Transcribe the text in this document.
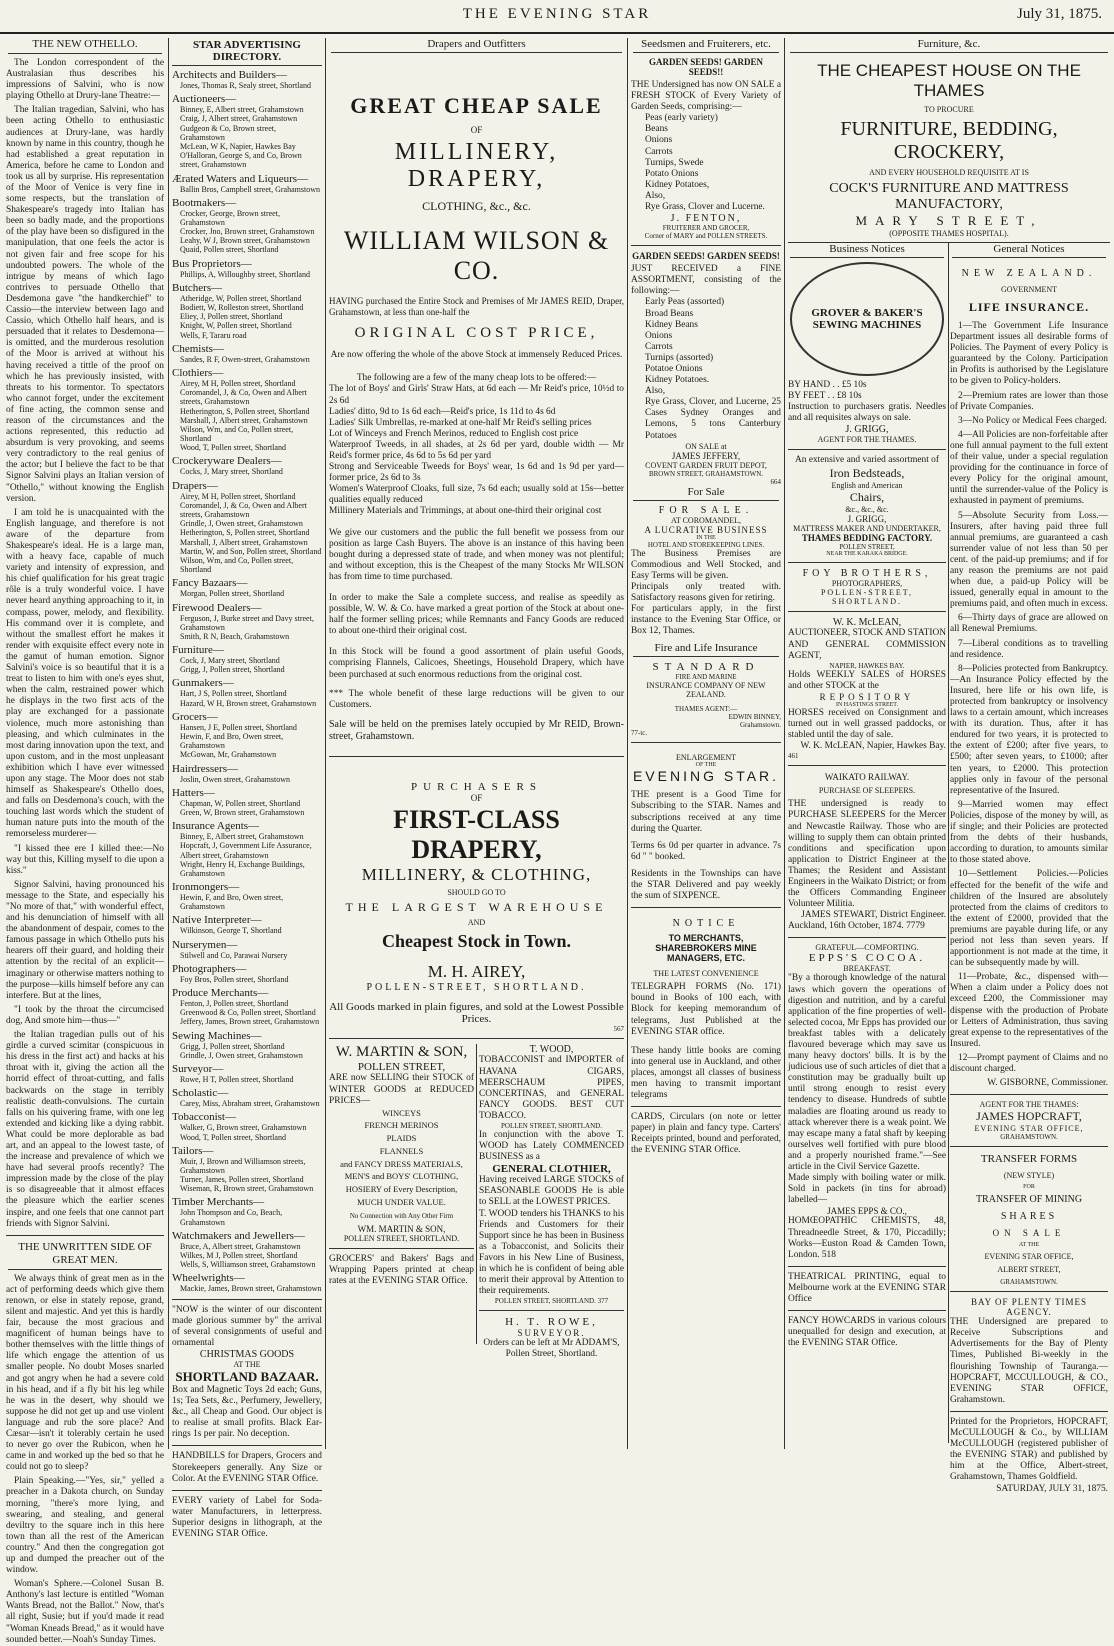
THE EVENING STAR	July 31, 1875.
THE NEW OTHELLO.

The London correspondent of the Australasian thus describes his impressions of Salvini, who is now playing Othello at Drury-lane Theatre:—

The Italian tragedian, Salvini, who has been acting Othello to enthusiastic audiences at Drury-lane, was hardly known by name in this country, though he had established a great reputation in America, before he came to London and took us all by surprise. His representation of the Moor of Venice is very fine in some respects, but the translation of Shakespeare's tragedy into Italian has been so badly made, and the proportions of the play have been so disfigured in the manipulation, that one feels the actor is not given fair and free scope for his undoubted powers. The whole of the intrigue by means of which Iago contrives to persuade Othello that Desdemona gave "the handkerchief" to Cassio—the interview between Iago and Cassio, which Othello half hears, and is persuaded that it relates to Desdemona—is omitted, and the murderous resolution of the Moor is arrived at without his having received a tittle of the proof on which he has previously insisted, with threats to his tormentor. To spectators who cannot forget, under the excitement of fine acting, the common sense and reason of the circumstances and the actions represented, this reductio ad absurdum is very provoking, and seems very contradictory to the real genius of the actor; but I believe the fact to be that Signor Salvini plays an Italian version of "Othello," without knowing the English version.

I am told he is unacquainted with the English language, and therefore is not aware of the departure from Shakespeare's ideal. He is a large man, with a heavy face, capable of much variety and intensity of expression, and his chief qualification for his great tragic rôle is a truly wonderful voice. I have never heard anything approaching to it, in compass, power, melody, and flexibility. His command over it is complete, and without the smallest effort he makes it render with exquisite effect every note in the gamut of human emotion. Signor Salvini's voice is so beautiful that it is a treat to listen to him with one's eyes shut, when the calm, restrained power which he displays in the two first acts of the play are exchanged for a passionate violence, much more astonishing than pleasing, and which culminates in the most daring innovation upon the text, and upon custom, and in the most unpleasant exhibition which I have ever witnessed upon any stage. The Moor does not stab himself as Shakespeare's Othello does, and falls on Desdemona's couch, with the touching last words which the student of human nature puts into the mouth of the remorseless murderer—

"I kissed thee ere I killed thee:—No way but this, Killing myself to die upon a kiss."

Signor Salvini, having pronounced his message to the State, and especially his "No more of that," with wonderful effect, and his denunciation of himself with all the abandonment of despair, comes to the famous passage in which Othello puts his hearers off their guard, and holding their attention by the recital of an explicit—imaginary or otherwise matters nothing to the purpose—kills himself before any can interfere. But at the lines,

"I took by the throat the circumcised dog, And smote him—thus—"

the Italian tragedian pulls out of his girdle a curved scimitar (conspicuous in his dress in the first act) and hacks at his throat with it, giving the action all the horrid effect of throat-cutting, and falls backwards on the stage in terribly realistic death-convulsions. The curtain falls on his quivering frame, with one leg extended and kicking like a dying rabbit. What could be more deplorable as bad art, and an appeal to the lowest taste, of the increase and prevalence of which we have had several proofs recently? The impression made by the close of the play is so disagreeable that it almost effaces the pleasure which the earlier scenes inspire, and one feels that one cannot part friends with Signor Salvini.

THE UNWRITTEN SIDE OF GREAT MEN.

We always think of great men as in the act of performing deeds which give them renown, or else in stately repose, grand, silent and majestic. And yet this is hardly fair, because the most gracious and magnificent of human beings have to bother themselves with the little things of life which engage the attention of us smaller people. No doubt Moses snarled and got angry when he had a severe cold in his head, and if a fly bit his leg while he was in the desert, why should we suppose he did not get up and use violent language and rub the sore place? And Cæsar—isn't it tolerably certain he used to never go over the Rubicon, when he came in and worked up the bed so that he could not go to sleep?

Plain Speaking.—"Yes, sir," yelled a preacher in a Dakota church, on Sunday morning, "there's more lying, and swearing, and stealing, and general deviltry to the square inch in this here town than all the rest of the American country." And then the congregation got up and dumped the preacher out of the window.

Woman's Sphere.—Colonel Susan B. Anthony's last lecture is entitled "Woman Wants Bread, not the Ballot." Now, that's all right, Susie; but if you'd made it read "Woman Kneads Bread," as it would have sounded better.—Noah's Sunday Times.

STAR ADVERTISING DIRECTORY.
Architects and Builders—
Jones, Thomas R, Sealy street, Shortland
Auctioneers—
Binney, E, Albert street, Grahamstown
Craig, J, Albert street, Grahamstown
Gudgeon & Co, Brown street, Grahamstown
McLean, W K, Napier, Hawkes Bay
O'Halloran, George S, and Co, Brown street, Grahamstown
Ærated Waters and Liqueurs—
Ballin Bros, Campbell street, Grahamstown
Bootmakers—
Crocker, George, Brown street, Grahamstown
Crocker, Jno, Brown street, Grahamstown
Leahy, W J, Brown street, Grahamstown
Quaid, Pollen street, Shortland
Bus Proprietors—
Phillips, A, Willoughby street, Shortland
Butchers—
Atheridge, W, Pollen street, Shortland
Bodiett, W, Rolleston street, Shortland
Eliey, J, Pollen street, Shortland
Knight, W, Pollen street, Shortland
Wells, F, Tararu road
Chemists—
Sandes, R F, Owen-street, Grahamstown
Clothiers—
Airey, M H, Pollen street, Shortland
Coromandel, J, & Co, Owen and Albert streets, Grahamstown
Hetherington, S, Pollen street, Shortland
Marshall, J, Albert street, Grahamstown
Wilson, Wm, and Co, Pollen street, Shortland
Wood, T, Pollen street, Shortland
Crockeryware Dealers—
Cocks, J, Mary street, Shortland
Drapers—
Airey, M H, Pollen street, Shortland
Coromandel, J, & Co, Owen and Albert streets, Grahamstown
Grindle, J, Owen street, Grahamstown
Hetherington, S, Pollen street, Shortland
Marshall, J, Albert street, Grahamstown
Martin, W, and Son, Pollen street, Shortland
Wilson, Wm, and Co, Pollen street, Shortland
Fancy Bazaars—
Morgan, Pollen street, Shortland
Firewood Dealers—
Ferguson, J, Burke street and Davy street, Grahamstown
Smith, R N, Beach, Grahamstown
Furniture—
Cock, J, Mary street, Shortland
Grigg, J, Pollen street, Shortland
Gunmakers—
Hart, J S, Pollen street, Shortland
Hazard, W H, Brown street, Grahamstown
Grocers—
Hansen, J E, Pollen street, Shortland
Hewin, F, and Bro, Owen street, Grahamstown
McGowan, Mr, Grahamstown
Hairdressers—
Joslin, Owen street, Grahamstown
Hatters—
Chapman, W, Pollen street, Shortland
Green, W, Brown street, Grahamstown
Insurance Agents—
Binney, E, Albert street, Grahamstown
Hopcraft, J, Government Life Assurance, Albert street, Grahamstown
Wright, Henry H, Exchange Buildings, Grahamstown
Ironmongers—
Hewin, F, and Bro, Owen street, Grahamstown
Native Interpreter—
Wilkinson, George T, Shortland
Nurserymen—
Stilwell and Co, Parawai Nursery
Photographers—
Foy Bros, Pollen street, Shortland
Produce Merchants—
Fenton, J, Pollen street, Shortland
Greenwood & Co, Pollen street, Shortland
Jeffery, James, Brown street, Grahamstown
Sewing Machines—
Grigg, J, Pollen street, Shortland
Grindle, J, Owen street, Grahamstown
Surveyor—
Rowe, H T, Pollen street, Shortland
Scholastic—
Carey, Miss, Abraham street, Grahamstown
Tobacconist—
Walker, G, Brown street, Grahamstown
Wood, T, Pollen street, Shortland
Tailors—
Muir, J, Brown and Williamson streets, Grahamstown
Turner, James, Pollen street, Shortland
Wiseman, R, Brown street, Grahamstown
Timber Merchants—
John Thompson and Co, Beach, Grahamstown
Watchmakers and Jewellers—
Bruce, A, Albert street, Grahamstown
Wilkes, M J, Pollen street, Shortland
Wells, S, Williamson street, Grahamstown
Wheelwrights—
Mackie, James, Brown street, Grahamstown
"NOW is the winter of our discontent made glorious summer by" the arrival of several consignments of useful and ornamental
CHRISTMAS GOODS
AT THE
SHORTLAND BAZAAR.
Box and Magnetic Toys 2d each; Guns, 1s; Tea Sets, &c., Perfumery, Jewellery, &c., all Cheap and Good. Our object is to realise at small profits. Black Ear-rings 1s per pair. No deception.
HANDBILLS for Drapers, Grocers and Storekeepers generally. Any Size or Color. At the EVENING STAR Office.
EVERY variety of Label for Soda-water Manufacturers, in letterpress. Superior designs in lithograph, at the EVENING STAR Office.
Drapers and Outfitters
GREAT CHEAP SALE
OF
MILLINERY, DRAPERY,
CLOTHING, &c., &c.
WILLIAM WILSON & CO.
HAVING purchased the Entire Stock and Premises of Mr JAMES REID, Draper, Grahamstown, at less than one-half the
ORIGINAL COST PRICE,
Are now offering the whole of the above Stock at immensely Reduced Prices.
The following are a few of the many cheap lots to be offered:—
The lot of Boys' and Girls' Straw Hats, at 6d each — Mr Reid's price, 10½d to 2s 6d
Ladies' ditto, 9d to 1s 6d each—Reid's price, 1s 11d to 4s 6d
Ladies' Silk Umbrellas, re-marked at one-half Mr Reid's selling prices
Lot of Winceys and French Merinos, reduced to English cost price
Waterproof Tweeds, in all shades, at 2s 6d per yard, double width — Mr Reid's former price, 4s 6d to 5s 6d per yard
Strong and Serviceable Tweeds for Boys' wear, 1s 6d and 1s 9d per yard—former price, 2s 6d to 3s
Women's Waterproof Cloaks, full size, 7s 6d each; usually sold at 15s—better qualities equally reduced
Millinery Materials and Trimmings, at about one-third their original cost
We give our customers and the public the full benefit we possess from our position as large Cash Buyers. The above is an instance of this having been bought during a depressed state of trade, and when money was not plentiful; and without exception, this is the Cheapest of the many Stocks Mr WILSON has from time to time purchased.
In order to make the Sale a complete success, and realise as speedily as possible, W. W. & Co. have marked a great portion of the Stock at about one-half the former selling prices; while Remnants and Fancy Goods are reduced to about one-third their original cost.
In this Stock will be found a good assortment of plain useful Goods, comprising Flannels, Calicoes, Sheetings, Household Drapery, which have been purchased at such enormous reductions from the original cost.
*** The whole benefit of these large reductions will be given to our Customers.
Sale will be held on the premises lately occupied by Mr REID, Brown-street, Grahamstown.
PURCHASERS
OF
FIRST-CLASS DRAPERY,
MILLINERY, & CLOTHING,
SHOULD GO TO
THE LARGEST WAREHOUSE
AND
Cheapest Stock in Town.
M. H. AIREY,
POLLEN-STREET, SHORTLAND.
All Goods marked in plain figures, and sold at the Lowest Possible Prices.
567
W. MARTIN & SON,
POLLEN STREET,
ARE now SELLING their STOCK of WINTER GOODS at REDUCED PRICES—
WINCEYS
FRENCH MERINOS
PLAIDS
FLANNELS
and FANCY DRESS MATERIALS,
MEN'S and BOYS' CLOTHING,
HOSIERY of Every Description,
MUCH UNDER VALUE.
No Connection with Any Other Firm
WM. MARTIN & SON,
POLLEN STREET, SHORTLAND.
GROCERS' and Bakers' Bags and Wrapping Papers printed at cheap rates at the EVENING STAR Office.
T. WOOD,
TOBACCONIST and IMPORTER of HAVANA CIGARS, MEERSCHAUM PIPES, CONCERTINAS, and GENERAL FANCY GOODS. BEST CUT TOBACCO.
POLLEN STREET, SHORTLAND.
In conjunction with the above T. WOOD has Lately COMMENCED BUSINESS as a
GENERAL CLOTHIER,
Having received LARGE STOCKS of SEASONABLE GOODS He is able to SELL at the LOWEST PRICES.
T. WOOD tenders his THANKS to his Friends and Customers for their Support since he has been in Business as a Tobacconist, and Solicits their Favors in his New Line of Business, in which he is confident of being able to merit their approval by Attention to their requirements.
POLLEN STREET, SHORTLAND. 377
H. T. ROWE,
SURVEYOR.
Orders can be left at Mr ADDAM'S, Pollen Street, Shortland.
Seedsmen and Fruiterers, etc.
GARDEN SEEDS! GARDEN SEEDS!!
THE Undersigned has now ON SALE a FRESH STOCK of Every Variety of Garden Seeds, comprising:—
Peas (early variety)
Beans
Onions
Carrots
Turnips, Swede
Potato Onions
Kidney Potatoes,
Also,
Rye Grass, Clover and Lucerne.
J. FENTON,
FRUITERER AND GROCER,
Corner of MARY and POLLEN STREETS.
GARDEN SEEDS! GARDEN SEEDS!
JUST RECEIVED a FINE ASSORTMENT, consisting of the following:—
Early Peas (assorted)
Broad Beans
Kidney Beans
Onions
Carrots
Turnips (assorted)
Potatoe Onions
Kidney Potatoes.
Also,
Rye Grass, Clover, and Lucerne, 25 Cases Sydney Oranges and Lemons, 5 tons Canterbury Potatoes
ON SALE at
JAMES JEFFERY,
COVENT GARDEN FRUIT DEPOT,
BROWN STREET, GRAHAMSTOWN.
664
For Sale
FOR SALE.
AT COROMANDEL,
A LUCRATIVE BUSINESS
IN THE
HOTEL AND STOREKEEPING LINES.
The Business Premises are Commodious and Well Stocked, and Easy Terms will be given.
Principals only treated with. Satisfactory reasons given for retiring.
For particulars apply, in the first instance to the Evening Star Office, or Box 12, Thames.
Fire and Life Insurance
STANDARD
FIRE AND MARINE
INSURANCE COMPANY OF NEW ZEALAND.
THAMES AGENT:—
EDWIN BINNEY,
Grahamstown.
77-tc.
ENLARGEMENT
OF THE
EVENING STAR.
THE present is a Good Time for Subscribing to the STAR. Names and subscriptions received at any time during the Quarter.
Terms 6s 0d per quarter in advance. 7s 6d " " booked.
Residents in the Townships can have the STAR Delivered and pay weekly the sum of SIXPENCE.
NOTICE
TO MERCHANTS, SHAREBROKERS MINE MANAGERS, ETC.
THE LATEST CONVENIENCE
TELEGRAPH FORMS (No. 171) bound in Books of 100 each, with Block for keeping memorandum of telegrams, Just Published at the EVENING STAR office.
These handy little books are coming into general use in Auckland, and other places, amongst all classes of business men having to transmit important telegrams
CARDS, Circulars (on note or letter paper) in plain and fancy type. Carters' Receipts printed, bound and perforated, the EVENING STAR Office.
Furniture, &c.
THE CHEAPEST HOUSE ON THE THAMES
TO PROCURE
FURNITURE, BEDDING, CROCKERY,
AND EVERY HOUSEHOLD REQUISITE AT IS
COCK'S FURNITURE AND MATTRESS MANUFACTORY,
MARY STREET,
(OPPOSITE THAMES HOSPITAL).
Business Notices
GROVER & BAKER'S SEWING MACHINES
BY HAND . . £5 10s
BY FEET . . £8 10s
Instruction to purchasers gratis. Needles and all requisites always on sale.
J. GRIGG,
AGENT FOR THE THAMES.
An extensive and varied assortment of
Iron Bedsteads,
English and American
Chairs,
&c., &c., &c.
J. GRIGG,
MATTRESS MAKER AND UNDERTAKER,
THAMES BEDDING FACTORY.
POLLEN STREET,
NEAR THE KARAKA BRIDGE.
FOY BROTHERS,
PHOTOGRAPHERS,
POLLEN-STREET, SHORTLAND.
W. K. McLEAN,
AUCTIONEER, STOCK AND STATION AND GENERAL COMMISSION AGENT,
NAPIER, HAWKES BAY.
Holds WEEKLY SALES of HORSES and other STOCK at the
REPOSITORY
IN HASTINGS STREET.
HORSES received on Consignment and turned out in well grassed paddocks, or stabled until the day of sale.
W. K. McLEAN, Napier, Hawkes Bay.
461
WAIKATO RAILWAY.
PURCHASE OF SLEEPERS.
THE undersigned is ready to PURCHASE SLEEPERS for the Mercer and Newcastle Railway. Those who are willing to supply them can obtain printed conditions and specification upon application to District Engineer at the Thames; the Resident and Assistant Engineers in the Waikato District; or from the Officers Commanding Engineer Volunteer Militia.
JAMES STEWART, District Engineer.
Auckland, 16th October, 1874. 7779
GRATEFUL—COMFORTING.
EPPS'S COCOA.
BREAKFAST.
"By a thorough knowledge of the natural laws which govern the operations of digestion and nutrition, and by a careful application of the fine properties of well-selected cocoa, Mr Epps has provided our breakfast tables with a delicately flavoured beverage which may save us many heavy doctors' bills. It is by the judicious use of such articles of diet that a constitution may be gradually built up until strong enough to resist every tendency to disease. Hundreds of subtle maladies are floating around us ready to attack wherever there is a weak point. We may escape many a fatal shaft by keeping ourselves well fortified with pure blood and a properly nourished frame."—See article in the Civil Service Gazette.
Made simply with boiling water or milk. Sold in packets (in tins for abroad) labelled—
JAMES EPPS & CO.,
HOMŒOPATHIC CHEMISTS, 48, Threadneedle Street, & 170, Piccadilly; Works—Euston Road & Camden Town, London. 518
THEATRICAL PRINTING, equal to Melbourne work at the EVENING STAR Office
FANCY HOWCARDS in various colours unequalled for design and execution, at the EVENING STAR Office.
General Notices
NEW ZEALAND.
GOVERNMENT
LIFE INSURANCE.

1—The Government Life Insurance Department issues all desirable forms of Policies. The Payment of every Policy is guaranteed by the Colony. Participation in Profits is authorised by the Legislature to be given to Policy-holders.

2—Premium rates are lower than those of Private Companies.

3—No Policy or Medical Fees charged.

4—All Policies are non-forfeitable after one full annual payment to the full extent of their value, under a special regulation providing for the continuance in force of every Policy for the original amount, until the surrender-value of the Policy is exhausted in payment of premiums.

5—Absolute Security from Loss.—Insurers, after having paid three full annual premiums, are guaranteed a cash surrender value of not less than 50 per cent. of the paid-up premiums; and if for any reason the premiums are not paid when due, a paid-up Policy will be issued, generally equal in amount to the premiums paid, and often much in excess.

6—Thirty days of grace are allowed on all Renewal Premiums.

7—Liberal conditions as to travelling and residence.

8—Policies protected from Bankruptcy.—An Insurance Policy effected by the Insured, here life or his own life, is protected from bankruptcy or insolvency laws to a certain amount, which increases with its duration. Thus, after it has endured for two years, it is protected to the extent of £200; after five years, to £500; after seven years, to £1000; after ten years, to £2000. This protection applies only in favour of the personal representative of the Insured.

9—Married women may effect Policies, dispose of the money by will, as if single; and their Policies are protected from the debts of their husbands, according to duration, to amounts similar to those stated above.

10—Settlement Policies.—Policies effected for the benefit of the wife and children of the Insured are absolutely protected from the claims of creditors to the extent of £2000, provided that the premiums are payable during life, or any period not less than seven years. If apportionment is not made at the time, it can be subsequently made by will.

11—Probate, &c., dispensed with—When a claim under a Policy does not exceed £200, the Commissioner may dispense with the production of Probate or Letters of Administration, thus saving great expense to the representatives of the Insured.

12—Prompt payment of Claims and no discount charged.

W. GISBORNE, Commissioner.
AGENT FOR THE THAMES:
JAMES HOPCRAFT,
EVENING STAR OFFICE,
GRAHAMSTOWN.
TRANSFER FORMS
(NEW STYLE)
FOR
TRANSFER OF MINING
SHARES
ON SALE
AT THE
EVENING STAR OFFICE,
ALBERT STREET,
GRAHAMSTOWN.
BAY OF PLENTY TIMES AGENCY.
THE Undersigned are prepared to Receive Subscriptions and Advertisements for the Bay of Plenty Times, Published Bi-weekly in the flourishing Township of Tauranga.—HOPCRAFT, MCCULLOUGH, & CO., EVENING STAR OFFICE, Grahamstown.
Printed for the Proprietors, HOPCRAFT, McCULLOUGH & Co., by WILLIAM McCULLOUGH (registered publisher of the EVENING STAR) and published by him at the Office, Albert-street, Grahamstown, Thames Goldfield.
SATURDAY, JULY 31, 1875.
